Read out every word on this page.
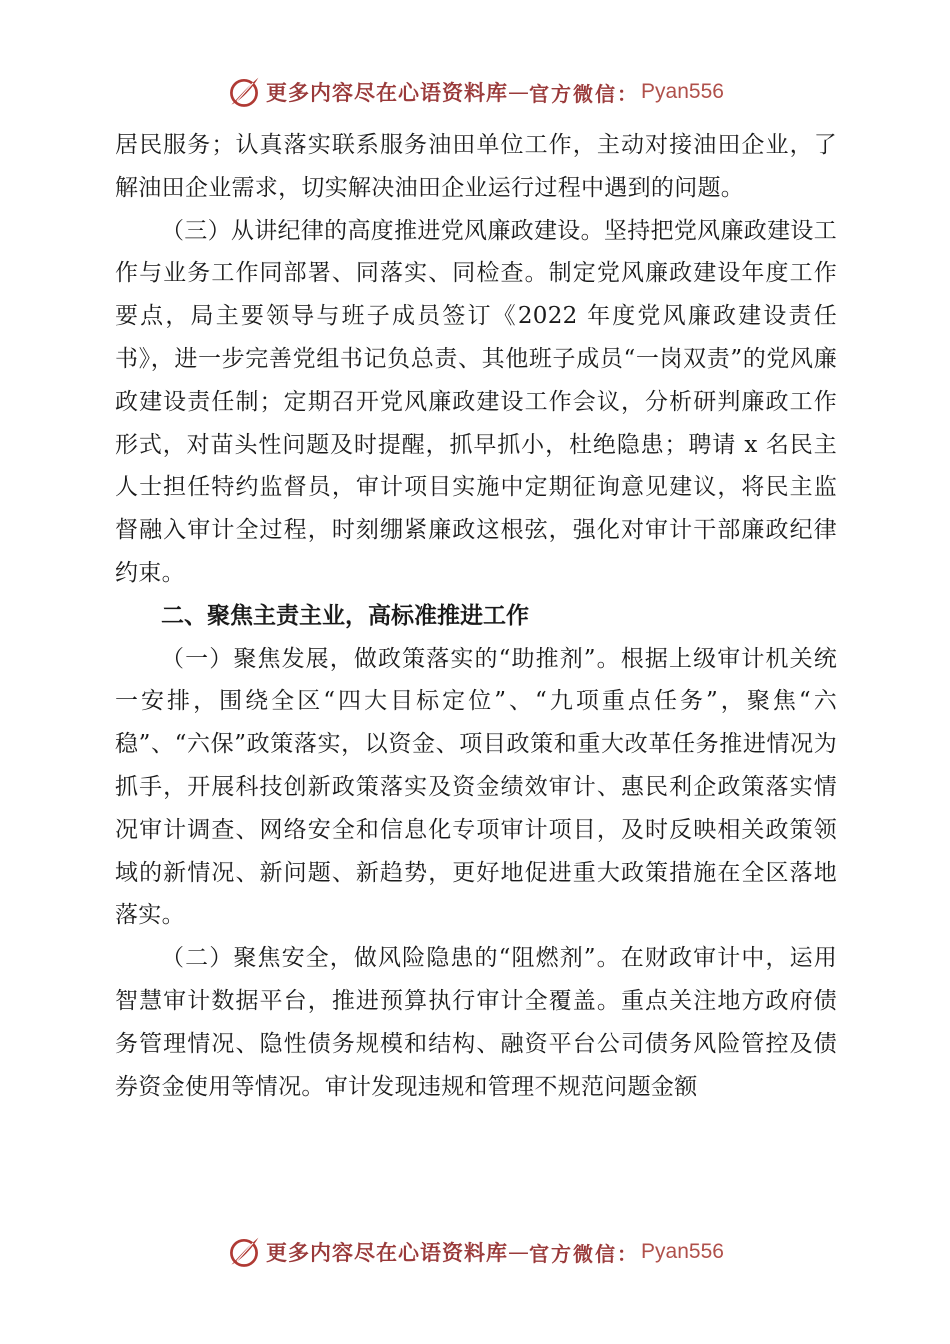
更多内容尽在心语资料库 — 官方微信： Pyan556

居民服务；认真落实联系服务油田单位工作，主动对接油田企业，了解油田企业需求，切实解决油田企业运行过程中遇到的问题。

（三）从讲纪律的高度推进党风廉政建设。坚持把党风廉政建设工作与业务工作同部署、同落实、同检查。制定党风廉政建设年度工作要点，局主要领导与班子成员签订《2022 年度党风廉政建设责任书》，进一步完善党组书记负总责、其他班子成员“一岗双责”的党风廉政建设责任制；定期召开党风廉政建设工作会议，分析研判廉政工作形式，对苗头性问题及时提醒，抓早抓小，杜绝隐患；聘请 x 名民主人士担任特约监督员，审计项目实施中定期征询意见建议，将民主监督融入审计全过程，时刻绷紧廉政这根弦，强化对审计干部廉政纪律约束。

二、聚焦主责主业，高标准推进工作

（一）聚焦发展，做政策落实的“助推剂”。根据上级审计机关统一安排，围绕全区“四大目标定位”、“九项重点任务”，聚焦“六稳”、“六保”政策落实，以资金、项目政策和重大改革任务推进情况为抓手，开展科技创新政策落实及资金绩效审计、惠民利企政策落实情况审计调查、网络安全和信息化专项审计项目，及时反映相关政策领域的新情况、新问题、新趋势，更好地促进重大政策措施在全区落地落实。

（二）聚焦安全，做风险隐患的“阻燃剂”。在财政审计中，运用智慧审计数据平台，推进预算执行审计全覆盖。重点关注地方政府债务管理情况、隐性债务规模和结构、融资平台公司债务风险管控及债券资金使用等情况。审计发现违规和管理不规范问题金额

更多内容尽在心语资料库 — 官方微信： Pyan556
